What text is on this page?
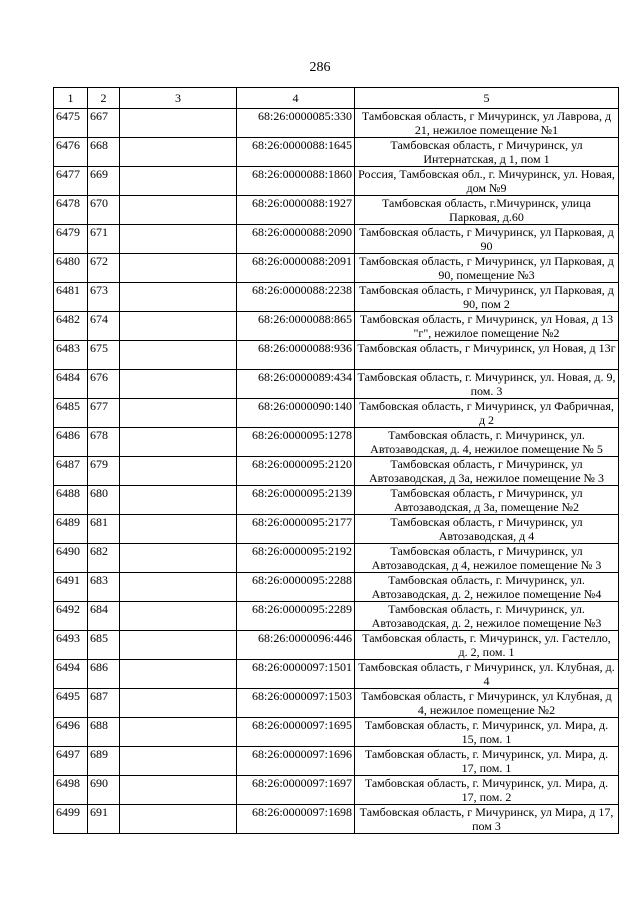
286
1	2	3	4	5
6475	667		68:26:0000085:330	Тамбовская область, г Мичуринск, ул Лаврова, д 21, нежилое помещение №1
6476	668		68:26:0000088:1645	Тамбовская область, г Мичуринск, ул Интернатская, д 1, пом 1
6477	669		68:26:0000088:1860	Россия, Тамбовская обл., г. Мичуринск, ул. Новая, дом №9
6478	670		68:26:0000088:1927	Тамбовская область, г.Мичуринск, улица Парковая, д.60
6479	671		68:26:0000088:2090	Тамбовская область, г Мичуринск, ул Парковая, д 90
6480	672		68:26:0000088:2091	Тамбовская область, г Мичуринск, ул Парковая, д 90, помещение №3
6481	673		68:26:0000088:2238	Тамбовская область, г Мичуринск, ул Парковая, д 90, пом 2
6482	674		68:26:0000088:865	Тамбовская область, г Мичуринск, ул Новая, д 13 "г", нежилое помещение №2
6483	675		68:26:0000088:936	Тамбовская область, г Мичуринск, ул Новая, д 13г
6484	676		68:26:0000089:434	Тамбовская область, г. Мичуринск, ул. Новая, д. 9, пом. 3
6485	677		68:26:0000090:140	Тамбовская область, г Мичуринск, ул Фабричная, д 2
6486	678		68:26:0000095:1278	Тамбовская область, г. Мичуринск, ул. Автозаводская, д. 4, нежилое помещение № 5
6487	679		68:26:0000095:2120	Тамбовская область, г Мичуринск, ул Автозаводская, д 3а, нежилое помещение № 3
6488	680		68:26:0000095:2139	Тамбовская область, г Мичуринск, ул Автозаводская, д 3а, помещение №2
6489	681		68:26:0000095:2177	Тамбовская область, г Мичуринск, ул Автозаводская, д 4
6490	682		68:26:0000095:2192	Тамбовская область, г Мичуринск, ул Автозаводская, д 4, нежилое помещение № 3
6491	683		68:26:0000095:2288	Тамбовская область, г. Мичуринск, ул. Автозаводская, д. 2, нежилое помещение №4
6492	684		68:26:0000095:2289	Тамбовская область, г. Мичуринск, ул. Автозаводская, д. 2, нежилое помещение №3
6493	685		68:26:0000096:446	Тамбовская область, г. Мичуринск, ул. Гастелло, д. 2, пом. 1
6494	686		68:26:0000097:1501	Тамбовская область, г Мичуринск, ул. Клубная, д. 4
6495	687		68:26:0000097:1503	Тамбовская область, г Мичуринск, ул Клубная, д 4, нежилое помещение №2
6496	688		68:26:0000097:1695	Тамбовская область, г. Мичуринск, ул. Мира, д. 15, пом. 1
6497	689		68:26:0000097:1696	Тамбовская область, г. Мичуринск, ул. Мира, д. 17, пом. 1
6498	690		68:26:0000097:1697	Тамбовская область, г. Мичуринск, ул. Мира, д. 17, пом. 2
6499	691		68:26:0000097:1698	Тамбовская область, г Мичуринск, ул Мира, д 17, пом 3
